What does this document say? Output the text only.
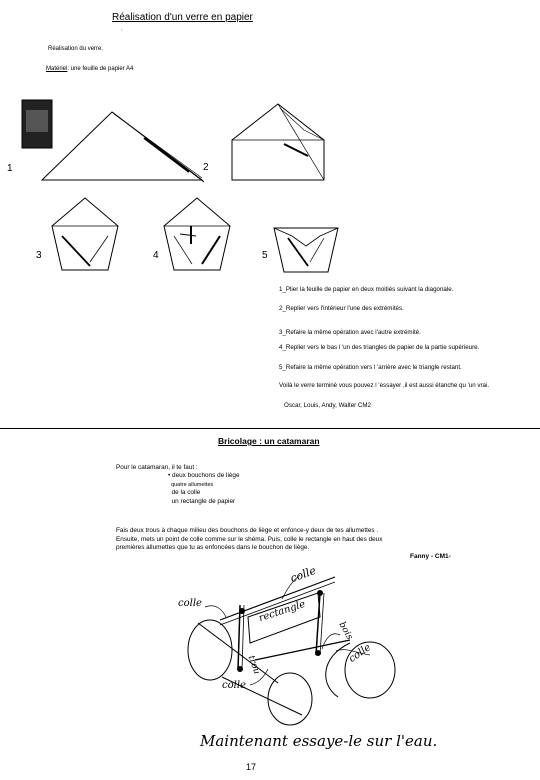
Réalisation d'un verre en papier
˙
Réalisation du verre.
Matériel: une feuille de papier A4
1	2
3	4	5
1_Plier la feuille de papier en deux moitiés suivant la diagonale.
2_Replier vers l'intérieur l'une des extrémités.
3_Refaire la même opération avec l'autre extrémité.
4_Replier vers le bas l 'un des triangles de papier de la partie supérieure.
5_Refaire la même opération vers l 'arrière avec le triangle restant.
Voilà le verre terminé vous pouvez l 'essayer ,il est aussi étanche qu 'un vrai.
Oscar, Louis, Andy, Walter CM2
Bricolage : un catamaran
Pour le catamaran, il te faut :
• deux bouchons de liège
quatre allumettes
de la colle
un rectangle de papier
Fais deux trous à chaque milieu des bouchons de liège et enfonce-y deux de tes allumettes .
Ensuite, mets un point de colle comme sur le shéma. Puis, colle le rectangle en haut des deux
premières allumettes que tu as enfoncées dans le bouchon de liège.
Fanny - CM1-
colle
colle	rectangle
bois
colle
trou
colle
Maintenant essaye-le sur l'eau.
17
